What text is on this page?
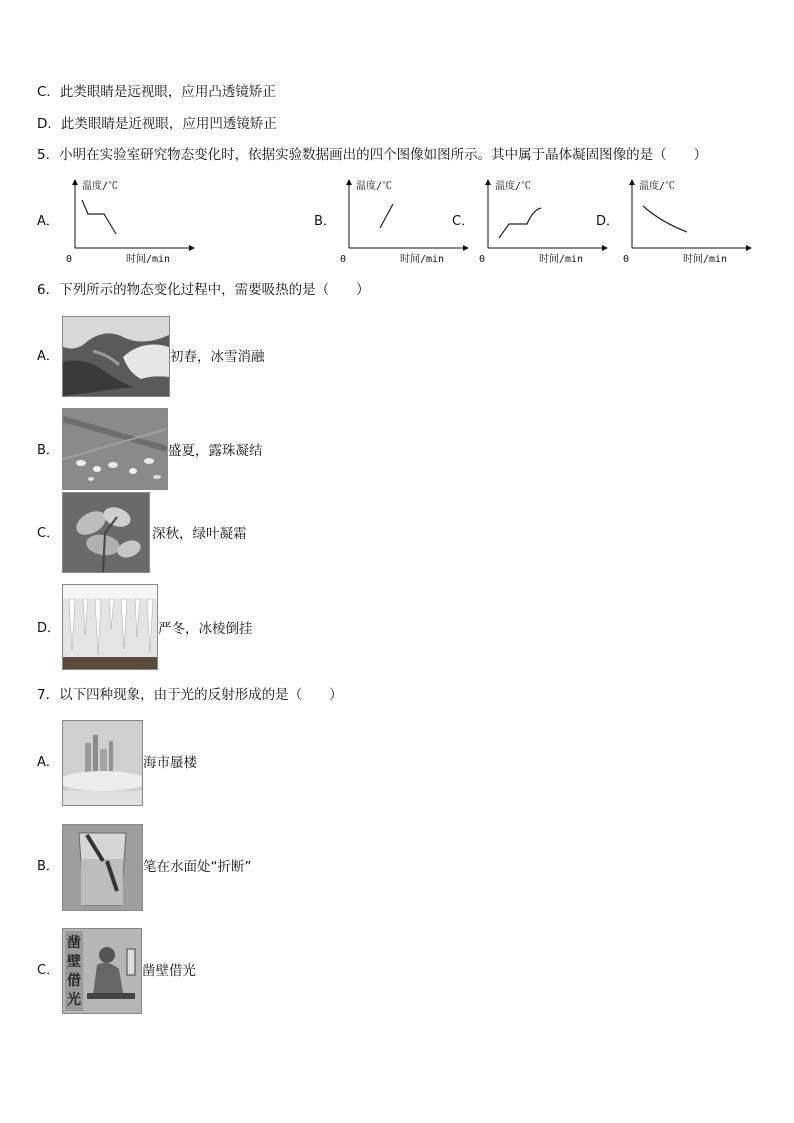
C．此类眼睛是远视眼，应用凸透镜矫正
D．此类眼睛是近视眼，应用凹透镜矫正
5．小明在实验室研究物态变化时，依据实验数据画出的四个图像如图所示。其中属于晶体凝固图像的是（　　）
A．
温度/℃
时间/min
0
B．
温度/℃
时间/min
0
C．
温度/℃
时间/min
0
D．
温度/℃
时间/min
0
6．下列所示的物态变化过程中，需要吸热的是（　　）
A．	初春，冰雪消融
B．	盛夏，露珠凝结
C．	深秋，绿叶凝霜
D．	严冬，冰棱倒挂
7．以下四种现象，由于光的反射形成的是（　　）
A．	海市蜃楼
B．	笔在水面处“折断”
C．
凿
壁
借
光
凿壁借光
